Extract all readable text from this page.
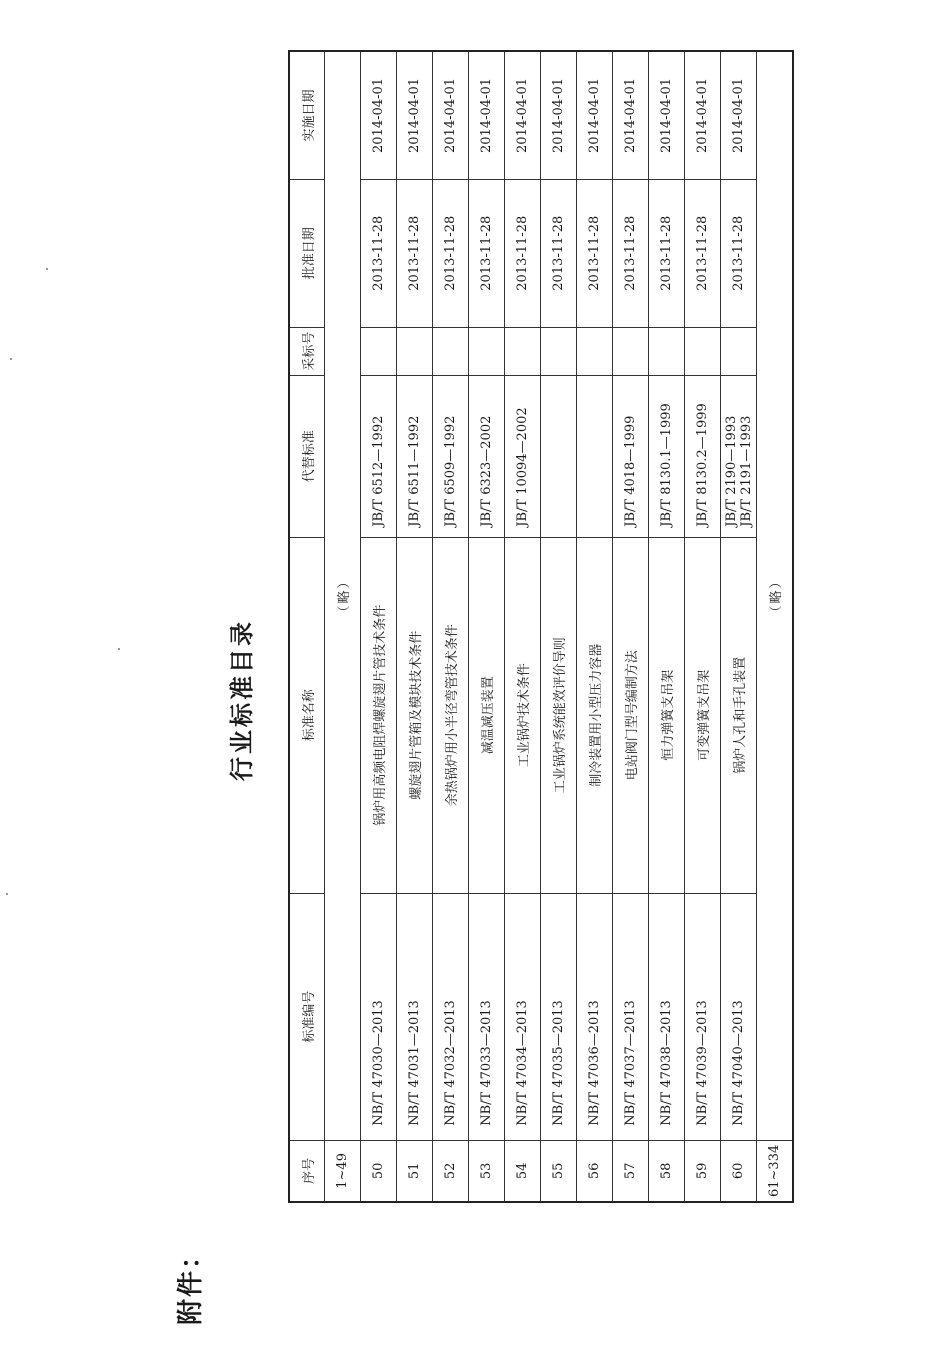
附件：
行业标准目录
序号	标准编号	标准名称	代替标准	采标号	批准日期	实施日期
1~49	（略）					
50	NB/T 47030—2013	锅炉用高频电阻焊螺旋翅片管技术条件	JB/T 6512—1992		2013-11-28	2014-04-01
51	NB/T 47031—2013	螺旋翅片管箱及模块技术条件	JB/T 6511—1992		2013-11-28	2014-04-01
52	NB/T 47032—2013	余热锅炉用小半径弯管技术条件	JB/T 6509—1992		2013-11-28	2014-04-01
53	NB/T 47033—2013	减温减压装置	JB/T 6323—2002		2013-11-28	2014-04-01
54	NB/T 47034—2013	工业锅炉技术条件	JB/T 10094—2002		2013-11-28	2014-04-01
55	NB/T 47035—2013	工业锅炉系统能效评价导则			2013-11-28	2014-04-01
56	NB/T 47036—2013	制冷装置用小型压力容器			2013-11-28	2014-04-01
57	NB/T 47037—2013	电站阀门型号编制方法	JB/T 4018—1999		2013-11-28	2014-04-01
58	NB/T 47038—2013	恒力弹簧支吊架	JB/T 8130.1—1999		2013-11-28	2014-04-01
59	NB/T 47039—2013	可变弹簧支吊架	JB/T 8130.2—1999		2013-11-28	2014-04-01
60	NB/T 47040—2013	锅炉人孔和手孔装置	JB/T 2190—1993 JB/T 2191—1993		2013-11-28	2014-04-01
61~334	（略）					
